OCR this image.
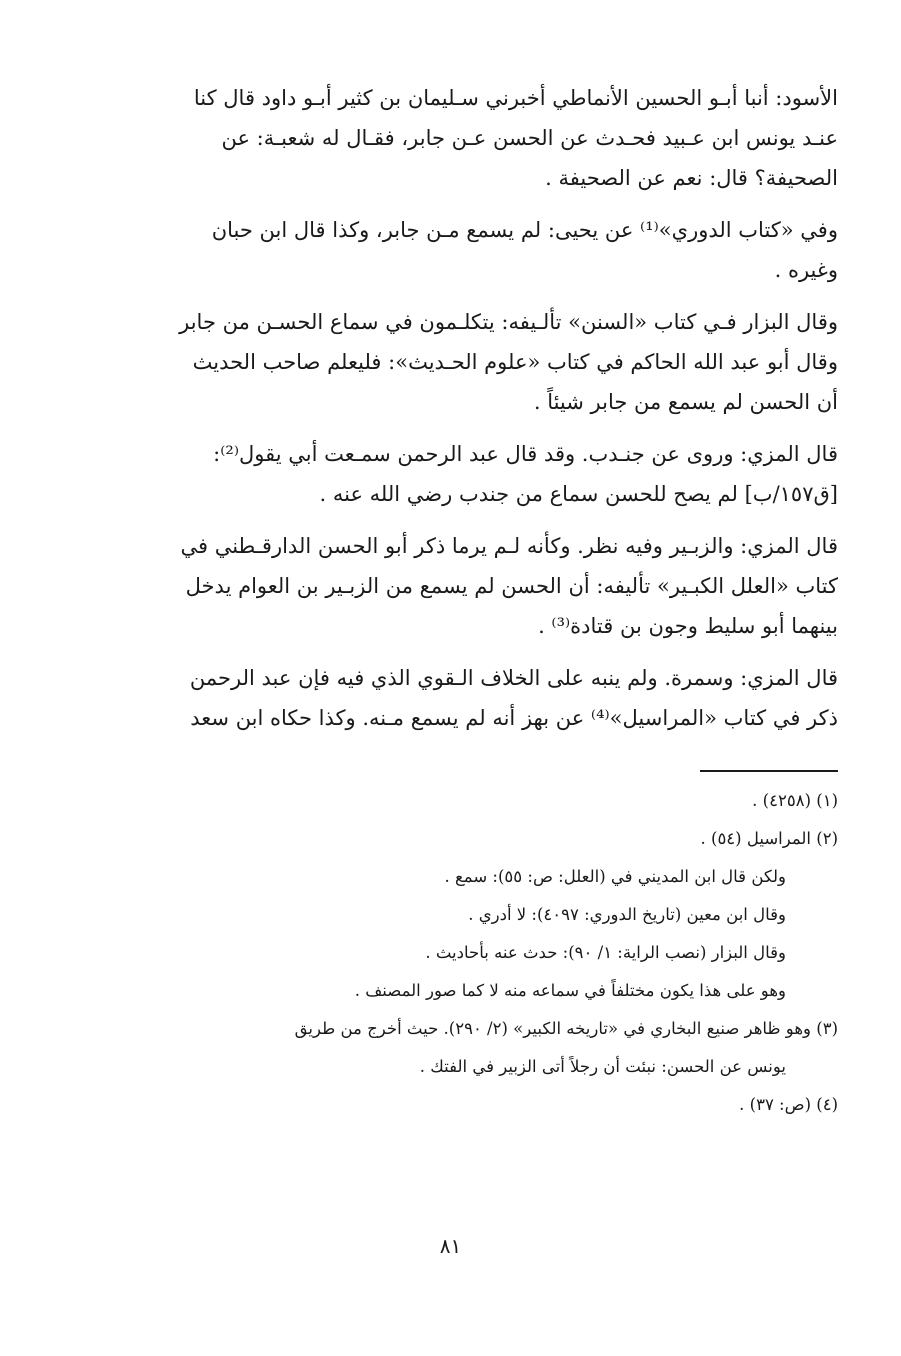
الأسود: أنبا أبـو الحسين الأنماطي أخبرني سـليمان بن كثير أبـو داود قال كنا
عنـد يونس ابن عـبيد فحـدث عن الحسن عـن جابر، فقـال له شعبـة: عن
الصحيفة؟ قال: نعم عن الصحيفة .
وفي «كتاب الدوري»⁽¹⁾ عن يحيى: لم يسمع مـن جابر، وكذا قال ابن حبان
وغيره .
وقال البزار فـي كتاب «السنن» تألـيفه: يتكلـمون في سماع الحسـن من جابر
وقال أبو عبد الله الحاكم في كتاب «علوم الحـديث»: فليعلم صاحب الحديث
أن الحسن لم يسمع من جابر شيئاً .
قال المزي: وروى عن جنـدب. وقد قال عبد الرحمن سمـعت أبي يقول⁽²⁾:
[ق١٥٧/ب] لم يصح للحسن سماع من جندب رضي الله عنه .
قال المزي: والزبـير وفيه نظر. وكأنه لـم يرما ذكر أبو الحسن الدارقـطني في
كتاب «العلل الكبـير» تأليفه: أن الحسن لم يسمع من الزبـير بن العوام يدخل
بينهما أبو سليط وجون بن قتادة⁽³⁾ .
قال المزي: وسمرة. ولم ينبه على الخلاف الـقوي الذي فيه فإن عبد الرحمن
ذكر في كتاب «المراسيل»⁽⁴⁾ عن بهز أنه لم يسمع مـنه. وكذا حكاه ابن سعد
(١) (٤٢٥٨) .
(٢) المراسيل (٥٤) .
ولكن قال ابن المديني في (العلل: ص: ٥٥): سمع .
وقال ابن معين (تاريخ الدوري: ٤٠٩٧): لا أدري .
وقال البزار (نصب الراية: ١/ ٩٠): حدث عنه بأحاديث .
وهو على هذا يكون مختلفاً في سماعه منه لا كما صور المصنف .
(٣) وهو ظاهر صنيع البخاري في «تاريخه الكبير» (٢/ ٢٩٠). حيث أخرج من طريق
يونس عن الحسن: نبئت أن رجلاً أتى الزبير في الفتك .
(٤) (ص: ٣٧) .
٨١
